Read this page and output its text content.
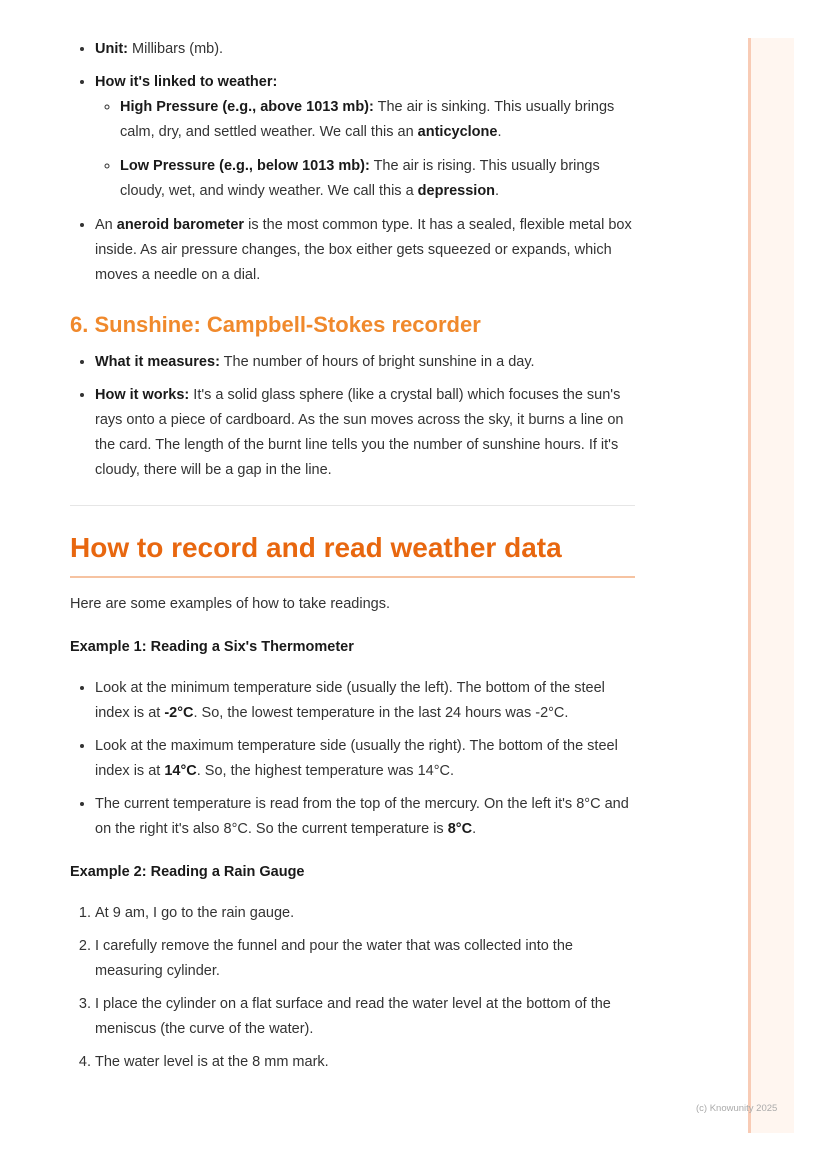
• Unit: Millibars (mb).
• How it's linked to weather:
◦ High Pressure (e.g., above 1013 mb): The air is sinking. This usually brings calm, dry, and settled weather. We call this an anticyclone.
◦ Low Pressure (e.g., below 1013 mb): The air is rising. This usually brings cloudy, wet, and windy weather. We call this a depression.
• An aneroid barometer is the most common type. It has a sealed, flexible metal box inside. As air pressure changes, the box either gets squeezed or expands, which moves a needle on a dial.
6. Sunshine: Campbell-Stokes recorder
• What it measures: The number of hours of bright sunshine in a day.
• How it works: It's a solid glass sphere (like a crystal ball) which focuses the sun's rays onto a piece of cardboard. As the sun moves across the sky, it burns a line on the card. The length of the burnt line tells you the number of sunshine hours. If it's cloudy, there will be a gap in the line.
How to record and read weather data

Here are some examples of how to take readings.

Example 1: Reading a Six's Thermometer
• Look at the minimum temperature side (usually the left). The bottom of the steel index is at -2°C. So, the lowest temperature in the last 24 hours was -2°C.
• Look at the maximum temperature side (usually the right). The bottom of the steel index is at 14°C. So, the highest temperature was 14°C.
• The current temperature is read from the top of the mercury. On the left it's 8°C and on the right it's also 8°C. So the current temperature is 8°C.
Example 2: Reading a Rain Gauge
1. At 9 am, I go to the rain gauge.
2. I carefully remove the funnel and pour the water that was collected into the measuring cylinder.
3. I place the cylinder on a flat surface and read the water level at the bottom of the meniscus (the curve of the water).
4. The water level is at the 8 mm mark.
(c) Knowunity 2025
